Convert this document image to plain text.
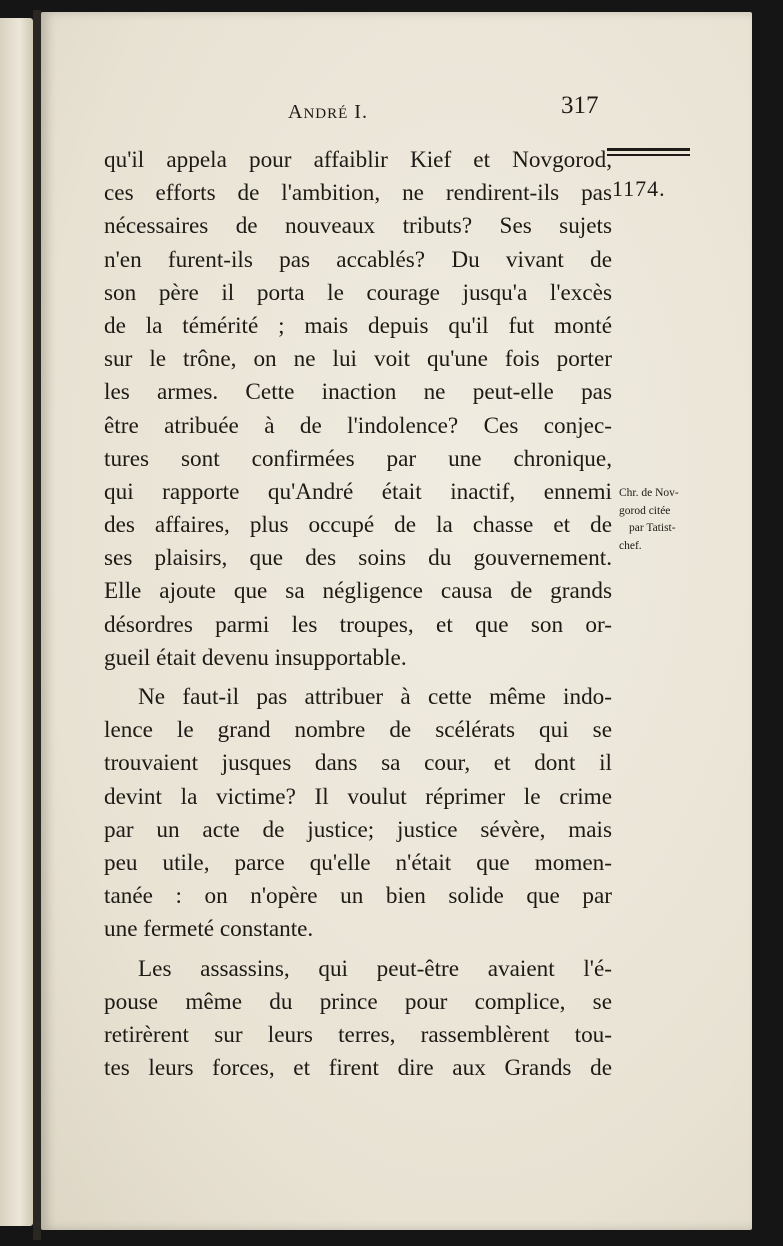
ANDRÉ I.	317
1174.
Chr. de Nov-
gorod citée
par Tatist-
chef.
qu'il appela pour affaiblir Kief et Novgorod,
ces efforts de l'ambition, ne rendirent-ils pas
nécessaires de nouveaux tributs? Ses sujets
n'en furent-ils pas accablés? Du vivant de
son père il porta le courage jusqu'a l'excès
de la témérité ; mais depuis qu'il fut monté
sur le trône, on ne lui voit qu'une fois porter
les armes. Cette inaction ne peut-elle pas
être atribuée à de l'indolence? Ces conjec-
tures sont confirmées par une chronique,
qui rapporte qu'André était inactif, ennemi
des affaires, plus occupé de la chasse et de
ses plaisirs, que des soins du gouvernement.
Elle ajoute que sa négligence causa de grands
désordres parmi les troupes, et que son or-
gueil était devenu insupportable.
Ne faut-il pas attribuer à cette même indo-
lence le grand nombre de scélérats qui se
trouvaient jusques dans sa cour, et dont il
devint la victime? Il voulut réprimer le crime
par un acte de justice; justice sévère, mais
peu utile, parce qu'elle n'était que momen-
tanée : on n'opère un bien solide que par
une fermeté constante.
Les assassins, qui peut-être avaient l'é-
pouse même du prince pour complice, se
retirèrent sur leurs terres, rassemblèrent tou-
tes leurs forces, et firent dire aux Grands de
